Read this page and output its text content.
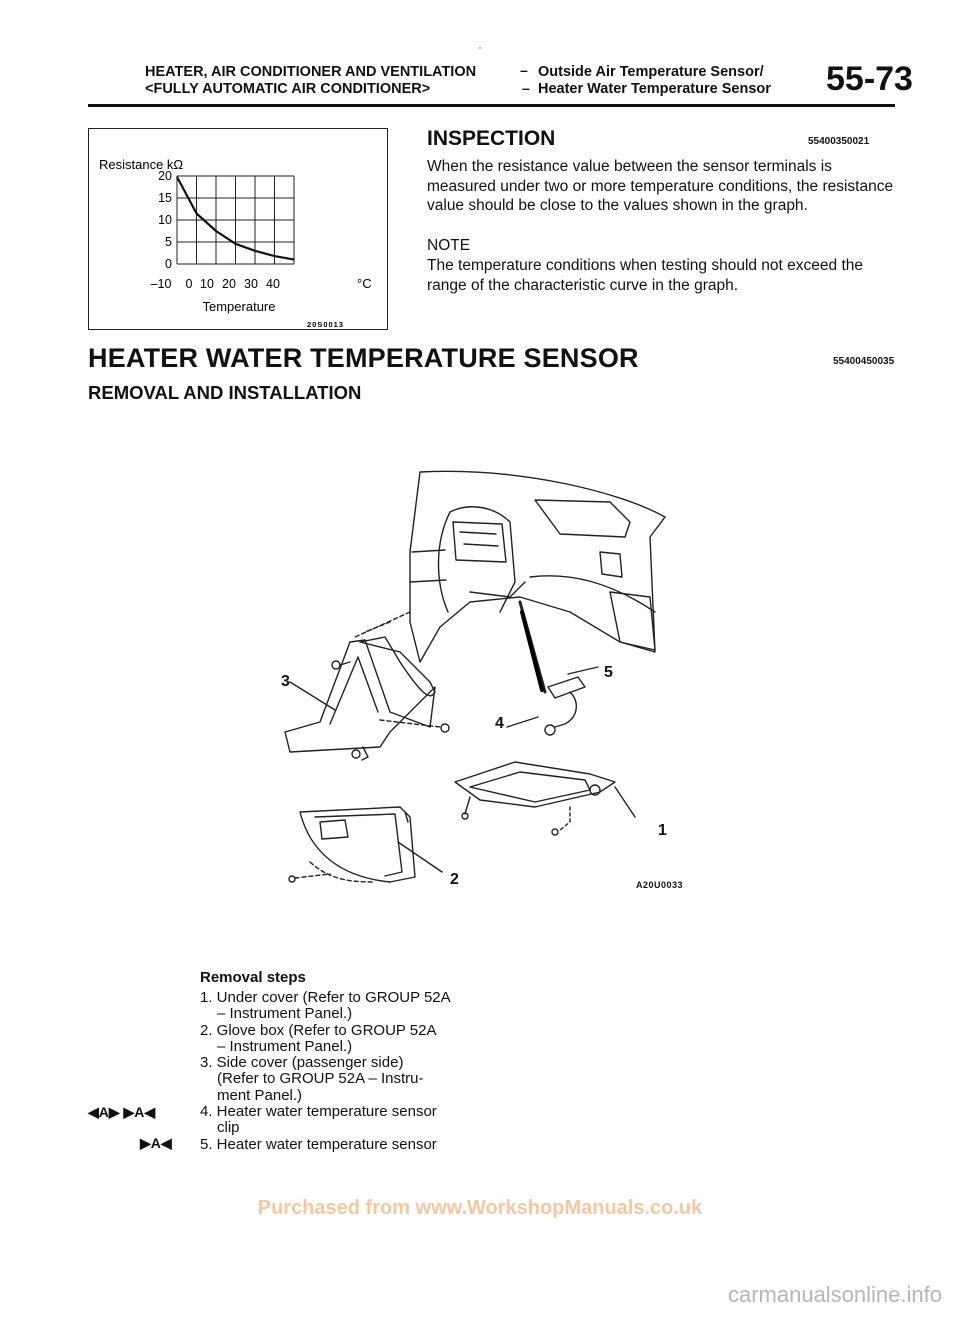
-
HEATER, AIR CONDITIONER AND VENTILATION
<FULLY AUTOMATIC AIR CONDITIONER>
–
–
Outside Air Temperature Sensor/
Heater Water Temperature Sensor 55-73
Resistance kΩ
Temperature
°C
20S0013
20
15
10
5
0
–10 0 10 20 30 40
INSPECTION	55400350021
When the resistance value between the sensor terminals is measured under two or more temperature conditions, the resistance value should be close to the values shown in the graph.
NOTE
The temperature conditions when testing should not exceed the range of the characteristic curve in the graph.
HEATER WATER TEMPERATURE SENSOR	55400450035
REMOVAL AND INSTALLATION
3
5
4
1
2	A20U0033
Removal steps
1. Under cover (Refer to GROUP 52A
– Instrument Panel.)
2. Glove box (Refer to GROUP 52A
– Instrument Panel.)
3. Side cover (passenger side)
(Refer to GROUP 52A – Instru-
ment Panel.)
4. Heater water temperature sensor
clip
5. Heater water temperature sensor
◀A▶ ▶A◀
▶A◀
Purchased from www.WorkshopManuals.co.uk
carmanualsonline.info
